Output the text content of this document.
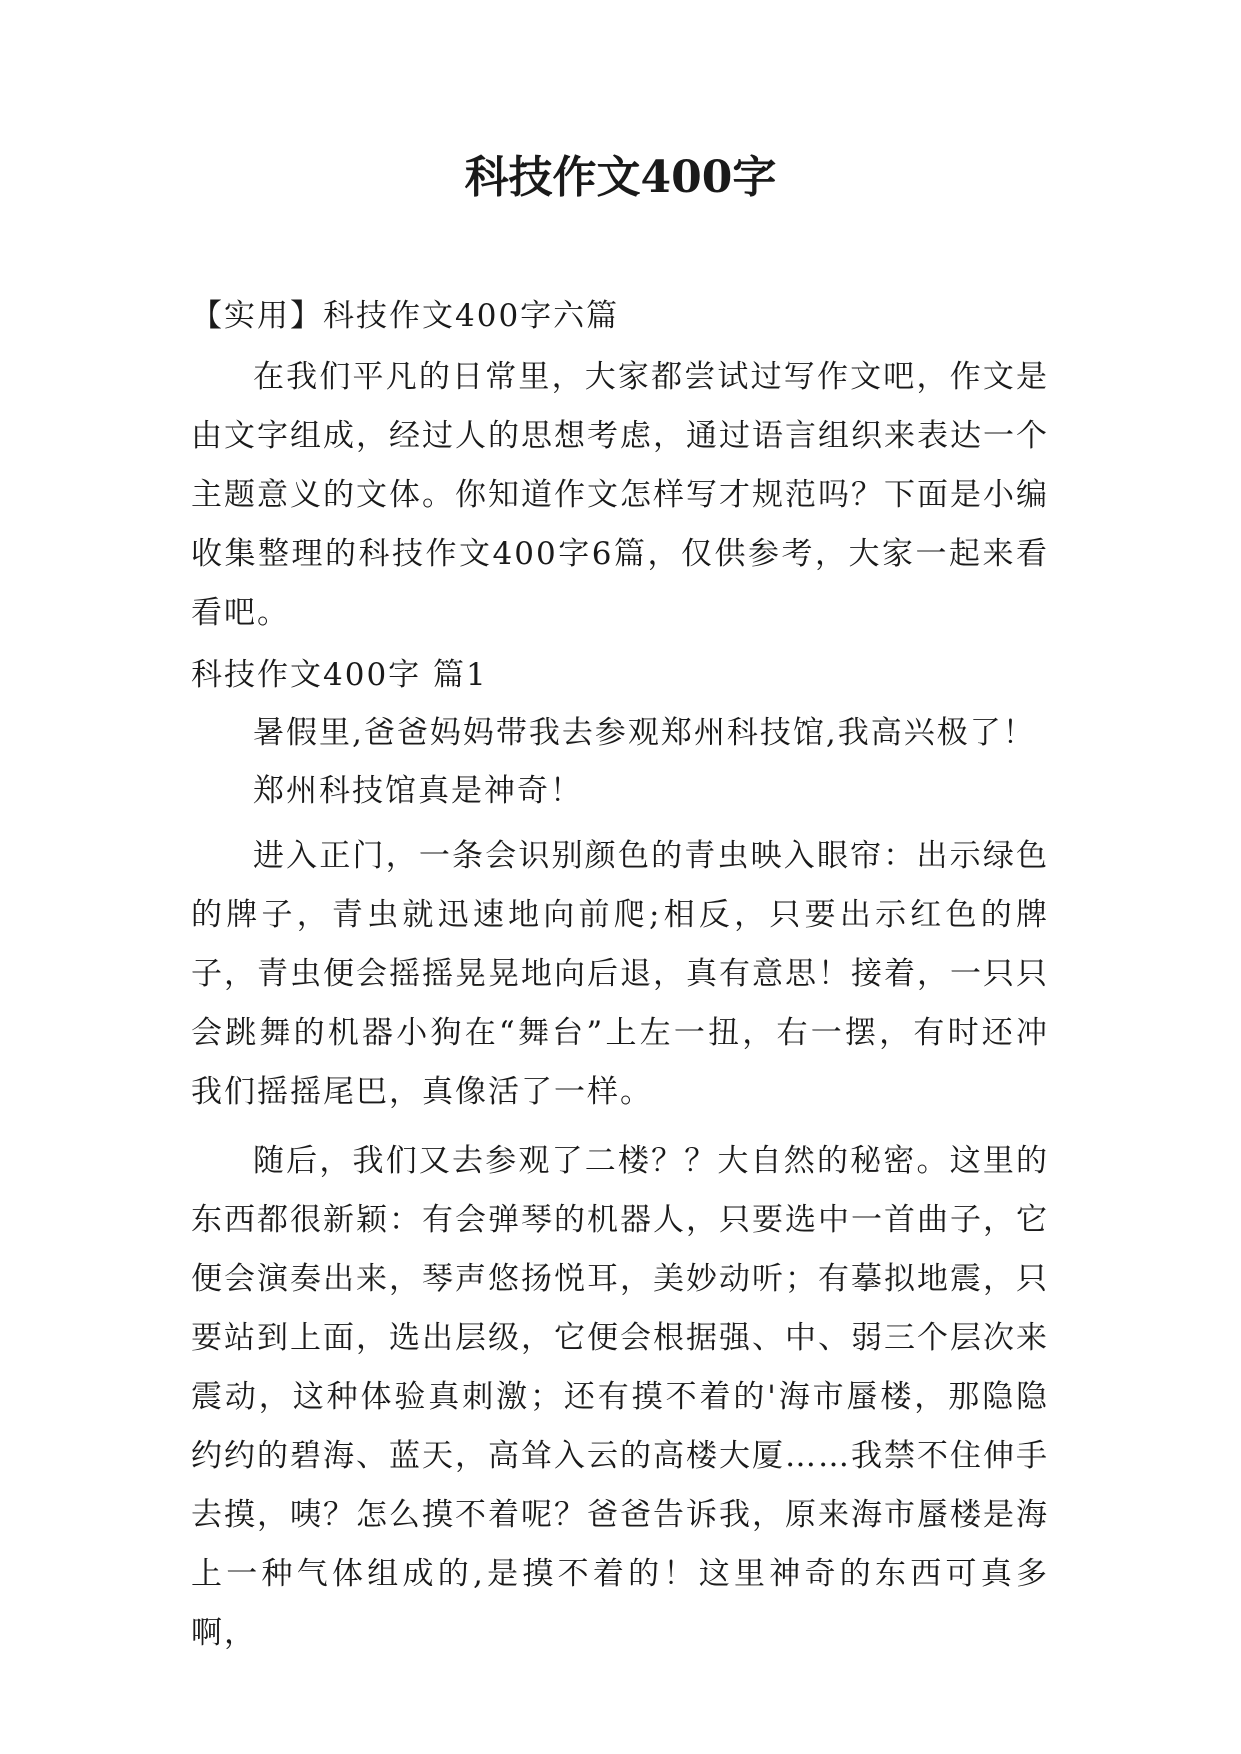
科技作文400字

【实用】科技作文400字六篇

在我们平凡的日常里，大家都尝试过写作文吧，作文是由文字组成，经过人的思想考虑，通过语言组织来表达一个主题意义的文体。你知道作文怎样写才规范吗？下面是小编收集整理的科技作文400字6篇，仅供参考，大家一起来看看吧。

科技作文400字 篇1

暑假里,爸爸妈妈带我去参观郑州科技馆,我高兴极了！

郑州科技馆真是神奇！

进入正门，一条会识别颜色的青虫映入眼帘：出示绿色的牌子，青虫就迅速地向前爬;相反，只要出示红色的牌子，青虫便会摇摇晃晃地向后退，真有意思！接着，一只只会跳舞的机器小狗在“舞台”上左一扭，右一摆，有时还冲我们摇摇尾巴，真像活了一样。

随后，我们又去参观了二楼？？大自然的秘密。这里的东西都很新颖：有会弹琴的机器人，只要选中一首曲子，它便会演奏出来，琴声悠扬悦耳，美妙动听；有摹拟地震，只要站到上面，选出层级，它便会根据强、中、弱三个层次来震动，这种体验真刺激；还有摸不着的'海市蜃楼，那隐隐约约的碧海、蓝天，高耸入云的高楼大厦……我禁不住伸手去摸，咦？怎么摸不着呢？爸爸告诉我，原来海市蜃楼是海上一种气体组成的,是摸不着的！这里神奇的东西可真多啊，
